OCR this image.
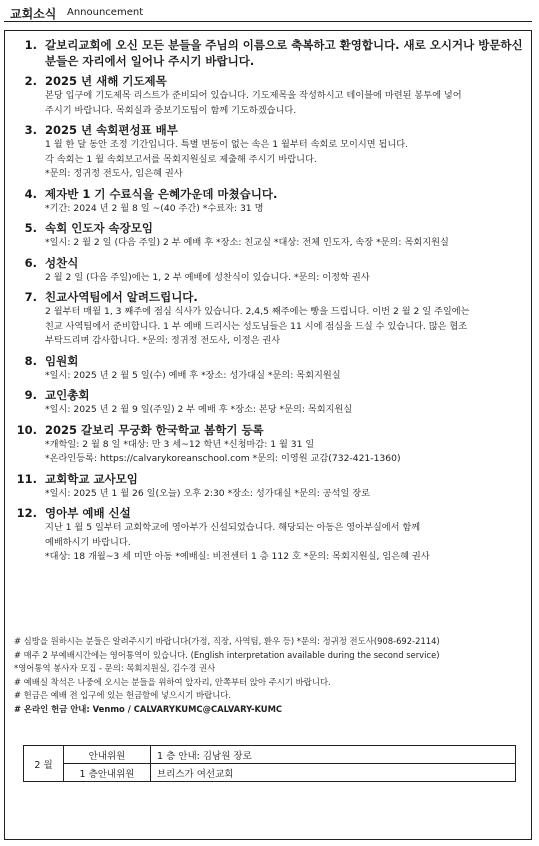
교회소식 Announcement
1. 갈보리교회에 오신 모든 분들을 주님의 이름으로 축복하고 환영합니다. 새로 오시거나 방문하신 분들은 자리에서 일어나 주시기 바랍니다.
2. 2025 년 새해 기도제목
본당 입구에 기도제목 리스트가 준비되어 있습니다. 기도제목을 작성하시고 테이블에 마련된 봉투에 넣어
주시기 바랍니다. 목회실과 중보기도팀이 함께 기도하겠습니다.
3. 2025 년 속회편성표 배부
1 월 한 달 동안 조정 기간입니다. 특별 변동이 없는 속은 1 월부터 속회로 모이시면 됩니다.
각 속회는 1 월 속회보고서를 목회지원실로 제출해 주시기 바랍니다.
*문의: 정귀정 전도사, 임은혜 권사
4. 제자반 1 기 수료식을 은혜가운데 마쳤습니다.
*기간: 2024 년 2 월 8 일 ~(40 주간) *수료자: 31 명
5. 속회 인도자 속장모임
*일시: 2 월 2 일 (다음 주일) 2 부 예배 후 *장소: 친교실 *대상: 전체 인도자, 속장 *문의: 목회지원실
6. 성찬식
2 월 2 일 (다음 주일)에는 1, 2 부 예배에 성찬식이 있습니다. *문의: 이정학 권사
7. 친교사역팀에서 알려드립니다.
2 월부터 매월 1, 3 째주에 점심 식사가 있습니다. 2,4,5 째주에는 빵을 드립니다. 이번 2 월 2 일 주일에는
친교 사역팀에서 준비합니다. 1 부 예배 드리시는 성도님들은 11 시에 점심을 드실 수 있습니다. 많은 협조
부탁드리며 감사합니다. *문의: 정귀정 전도사, 이정은 권사
8. 임원회
*일시: 2025 년 2 월 5 일(수) 예배 후 *장소: 성가대실 *문의: 목회지원실
9. 교인총회
*일시: 2025 년 2 월 9 일(주일) 2 부 예배 후 *장소: 본당 *문의: 목회지원실
10. 2025 갈보리 무궁화 한국학교 봄학기 등록
*개학일: 2 월 8 일 *대상: 만 3 세~12 학년 *신청마감: 1 월 31 일
*온라인등록: https://calvarykoreanschool.com *문의: 이영원 교감(732-421-1360)
11. 교회학교 교사모임
*일시: 2025 년 1 월 26 일(오늘) 오후 2:30 *장소: 성가대실 *문의: 공석일 장로
12. 영아부 예배 신설
지난 1 월 5 일부터 교회학교에 영아부가 신설되었습니다. 해당되는 아동은 영아부실에서 함께
예배하시기 바랍니다.
*대상: 18 개월~3 세 미만 아동 *예배실: 비전센터 1 층 112 호 *문의: 목회지원실, 임은혜 권사
# 심방을 원하시는 분들은 알려주시기 바랍니다(가정, 직장, 사역팀, 환우 등) *문의: 정귀정 전도사(908-692-2114)
# 매주 2 부예배시간에는 영어통역이 있습니다. (English interpretation available during the second service)
*영어통역 봉사자 모집 - 문의: 목회지원실, 김수경 권사
# 예배실 착석은 나중에 오시는 분들을 위하여 앞자리, 안쪽부터 앉아 주시기 바랍니다.
# 헌금은 예배 전 입구에 있는 헌금함에 넣으시기 바랍니다.
# 온라인 헌금 안내: Venmo / CALVARYKUMC@CALVARY-KUMC
2 월	안내위원	1 층 안내: 김남원 장로
	1 층안내위원	브리스가 여선교회
